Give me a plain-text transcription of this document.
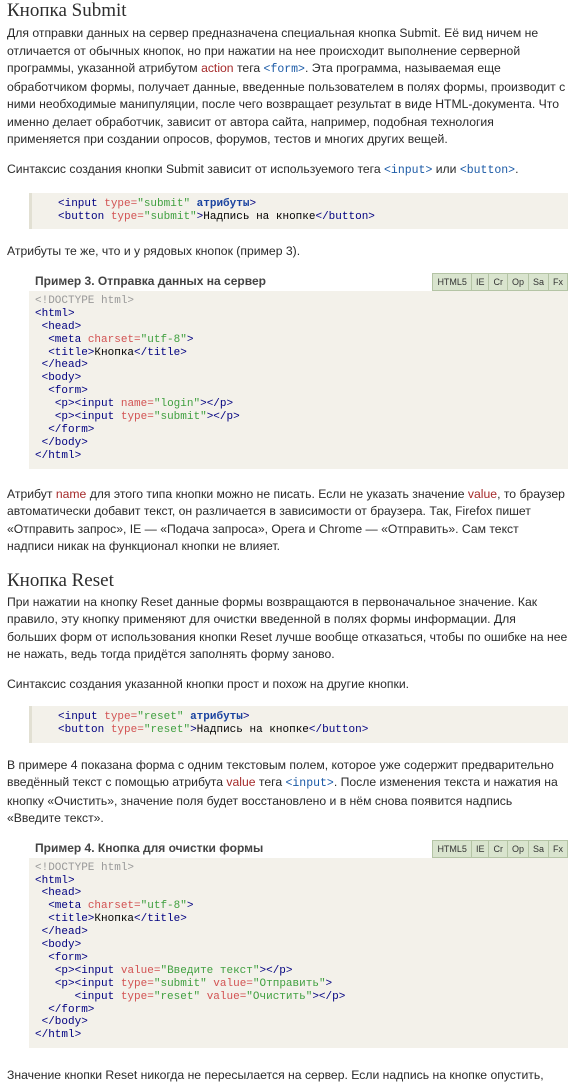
Кнопка Submit

Для отправки данных на сервер предназначена специальная кнопка Submit. Её вид ничем не отличается от обычных кнопок, но при нажатии на нее происходит выполнение серверной программы, указанной атрибутом action тега <form>. Эта программа, называемая еще обработчиком формы, получает данные, введенные пользователем в полях формы, производит с ними необходимые манипуляции, после чего возвращает результат в виде HTML-документа. Что именно делает обработчик, зависит от автора сайта, например, подобная технология применяется при создании опросов, форумов, тестов и многих других вещей.

Синтаксис создания кнопки Submit зависит от используемого тега <input> или <button>.

<input type="submit" атрибуты>
<button type="submit">Надпись на кнопке</button>

Атрибуты те же, что и у рядовых кнопок (пример 3).

Пример 3. Отправка данных на сервер	HTML5	IE	Cr	Op	Sa	Fx
<!DOCTYPE html>
<html>
<head>
<meta charset="utf-8">
<title>Кнопка</title>
</head>
<body>
<form>
<p><input name="login"></p>
<p><input type="submit"></p>
</form>
</body>
</html>

Атрибут name для этого типа кнопки можно не писать. Если не указать значение value, то браузер автоматически добавит текст, он различается в зависимости от браузера. Так, Firefox пишет «Отправить запрос», IE — «Подача запроса», Opera и Chrome — «Отправить». Сам текст надписи никак на функционал кнопки не влияет.

Кнопка Reset

При нажатии на кнопку Reset данные формы возвращаются в первоначальное значение. Как правило, эту кнопку применяют для очистки введенной в полях формы информации. Для больших форм от использования кнопки Reset лучше вообще отказаться, чтобы по ошибке на нее не нажать, ведь тогда придётся заполнять форму заново.

Синтаксис создания указанной кнопки прост и похож на другие кнопки.

<input type="reset" атрибуты>
<button type="reset">Надпись на кнопке</button>

В примере 4 показана форма с одним текстовым полем, которое уже содержит предварительно введённый текст с помощью атрибута value тега <input>. После изменения текста и нажатия на кнопку «Очистить», значение поля будет восстановлено и в нём снова появится надпись «Введите текст».

Пример 4. Кнопка для очистки формы	HTML5	IE	Cr	Op	Sa	Fx
<!DOCTYPE html>
<html>
<head>
<meta charset="utf-8">
<title>Кнопка</title>
</head>
<body>
<form>
<p><input value="Введите текст"></p>
<p><input type="submit" value="Отправить">
<input type="reset" value="Очистить"></p>
</form>
</body>
</html>

Значение кнопки Reset никогда не пересылается на сервер. Если надпись на кнопке опустить,
